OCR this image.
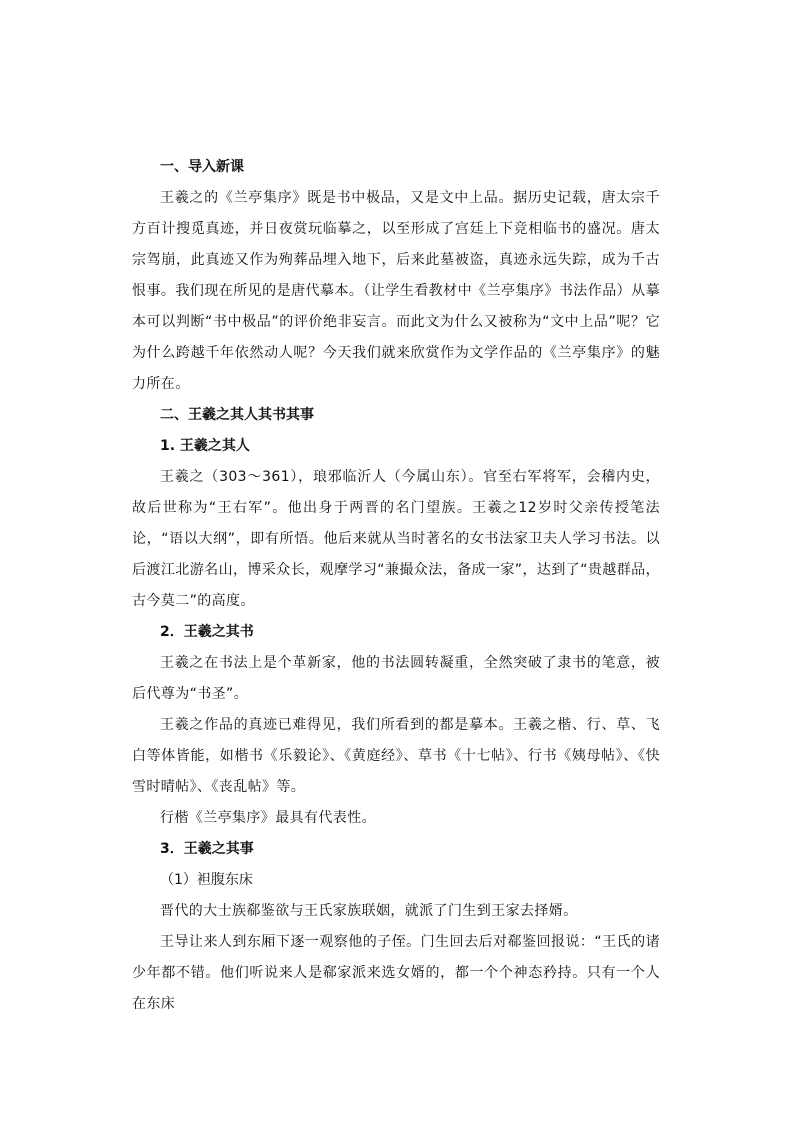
一、导入新课

王羲之的《兰亭集序》既是书中极品，又是文中上品。据历史记载，唐太宗千方百计搜觅真迹，并日夜赏玩临摹之，以至形成了宫廷上下竞相临书的盛况。唐太宗驾崩，此真迹又作为殉葬品埋入地下，后来此墓被盗，真迹永远失踪，成为千古恨事。我们现在所见的是唐代摹本。（让学生看教材中《兰亭集序》书法作品）从摹本可以判断“书中极品”的评价绝非妄言。而此文为什么又被称为“文中上品”呢？它为什么跨越千年依然动人呢？今天我们就来欣赏作为文学作品的《兰亭集序》的魅力所在。

二、王羲之其人其书其事

1. 王羲之其人

王羲之（303～361），琅邪临沂人（今属山东）。官至右军将军，会稽内史，故后世称为“王右军”。他出身于两晋的名门望族。王羲之12岁时父亲传授笔法论，“语以大纲”，即有所悟。他后来就从当时著名的女书法家卫夫人学习书法。以后渡江北游名山，博采众长，观摩学习“兼撮众法，备成一家”，达到了“贵越群品，古今莫二”的高度。

2．王羲之其书

王羲之在书法上是个革新家，他的书法圆转凝重，全然突破了隶书的笔意，被后代尊为“书圣”。

王羲之作品的真迹已难得见，我们所看到的都是摹本。王羲之楷、行、草、飞白等体皆能，如楷书《乐毅论》、《黄庭经》、草书《十七帖》、行书《姨母帖》、《快雪时晴帖》、《丧乱帖》等。

行楷《兰亭集序》最具有代表性。

3．王羲之其事

（1）袒腹东床

晋代的大士族郗鉴欲与王氏家族联姻，就派了门生到王家去择婿。

王导让来人到东厢下逐一观察他的子侄。门生回去后对郗鉴回报说：“王氏的诸少年都不错。他们听说来人是郗家派来选女婿的，都一个个神态矜持。只有一个人在东床
